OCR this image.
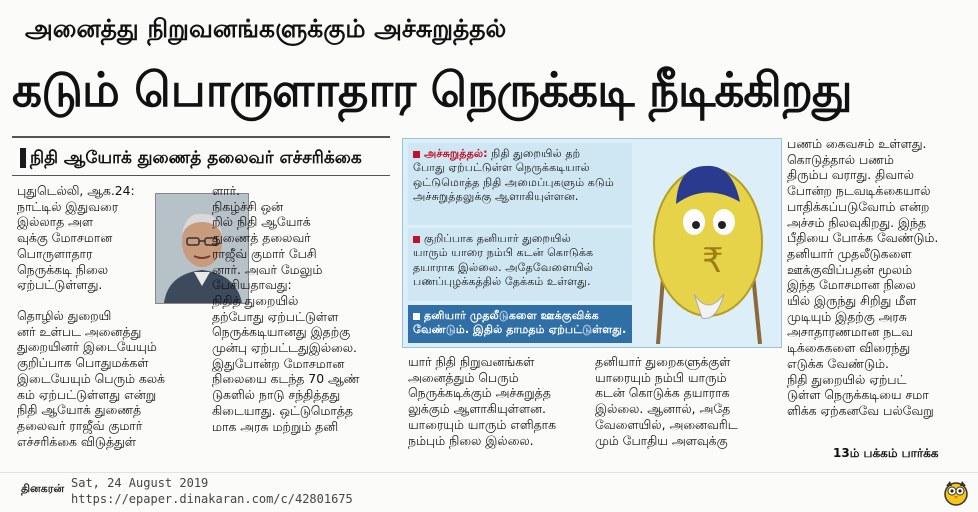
அனைத்து நிறுவனங்களுக்கும் அச்சுறுத்தல்
கடும் பொருளாதார நெருக்கடி நீடிக்கிறது
நிதி ஆயோக் துணைத் தலைவர் எச்சரிக்கை
புதுடெல்லி, ஆக.24:
நாட்டில் இதுவரை
இல்லாத அள
வுக்கு மோசமான
பொருளாதார
நெருக்கடி நிலை
ஏற்பட்டுள்ளது.
தொழில் துறையி
னர் உள்பட அனைத்து
துறையினர் இடையேயும்
குறிப்பாக பொதுமக்கள்
இடையேயும் பெரும் கலக்
கம் ஏற்பட்டுள்ளது என்று
நிதி ஆயோக் துணைத்
தலைவர் ராஜீவ் குமார்
எச்சரிக்கை விடுத்துள்
ளார்.
நிகழ்ச்சி ஒன்
றில் நிதி ஆயோக்
துணைத் தலைவர்
ராஜீவ் குமார் பேசி
னார். அவர் மேலும்
பேசியதாவது:
நிதித் துறையில்
தற்போது ஏற்பட்டுள்ள
நெருக்கடியானது இதற்கு
முன்பு ஏற்பட்டதுஇல்லை.
இதுபோன்ற மோசமான
நிலையை கடந்த 70 ஆண்
டுகளில் நாடு சந்தித்தது
கிடையாது. ஒட்டுமொத்த
மாக அரசு மற்றும் தனி
அச்சுறுத்தல்: நிதி துறையில் தற்
போது ஏற்பட்டுள்ள நெருக்கடியால்
ஒட்டுமொத்த நிதி அமைப்புகளும் கடும்
அச்சுறுத்தலுக்கு ஆளாகியுள்ளன.
குறிப்பாக தனியார் துறையில்
யாரும் யாரை நம்பி கடன் கொடுக்க
தயாராக இல்லை. அதேவேளையில்
பணப்புழக்கத்தில் தேக்கம் உள்ளது.
தனியார் முதலீடுகளை ஊக்குவிக்க
வேண்டும். இதில் தாமதம் ஏற்பட்டுள்ளது.
₹
யார் நிதி நிறுவனங்கள்
அனைத்தும் பெரும்
நெருக்கடிக்கும் அச்சுறுத்த
லுக்கும் ஆளாகியுள்ளன.
யாரையும் யாரும் எளிதாக
நம்பும் நிலை இல்லை.
தனியார் துறைகளுக்குள்
யாரையும் நம்பி யாரும்
கடன் கொடுக்க தயாராக
இல்லை. ஆனால், அதே
வேளையில், அனைவரிட
மும் போதிய அளவுக்கு
பணம் கைவசம் உள்ளது.
கொடுத்தால் பணம்
திரும்ப வராது. திவால்
போன்ற நடவடிக்கையால்
பாதிக்கப்படுவோம் என்ற
அச்சம் நிலவுகிறது. இந்த
பீதியை போக்க வேண்டும்.
தனியார் முதலீடுகளை
ஊக்குவிப்பதன் மூலம்
இந்த மோசமான நிலை
யில் இருந்து சிறிது மீள
முடியும் இதற்கு அரசு
அசாதாரணமான நடவ
டிக்கைகளை விரைந்து
எடுக்க வேண்டும்.
நிதி துறையில் ஏற்பட்
டுள்ள நெருக்கடியை சமா
ளிக்க ஏற்கனவே பல்வேறு
13ம் பக்கம் பார்க்க
தினகரன் Sat, 24 August 2019
https://epaper.dinakaran.com/c/42801675
